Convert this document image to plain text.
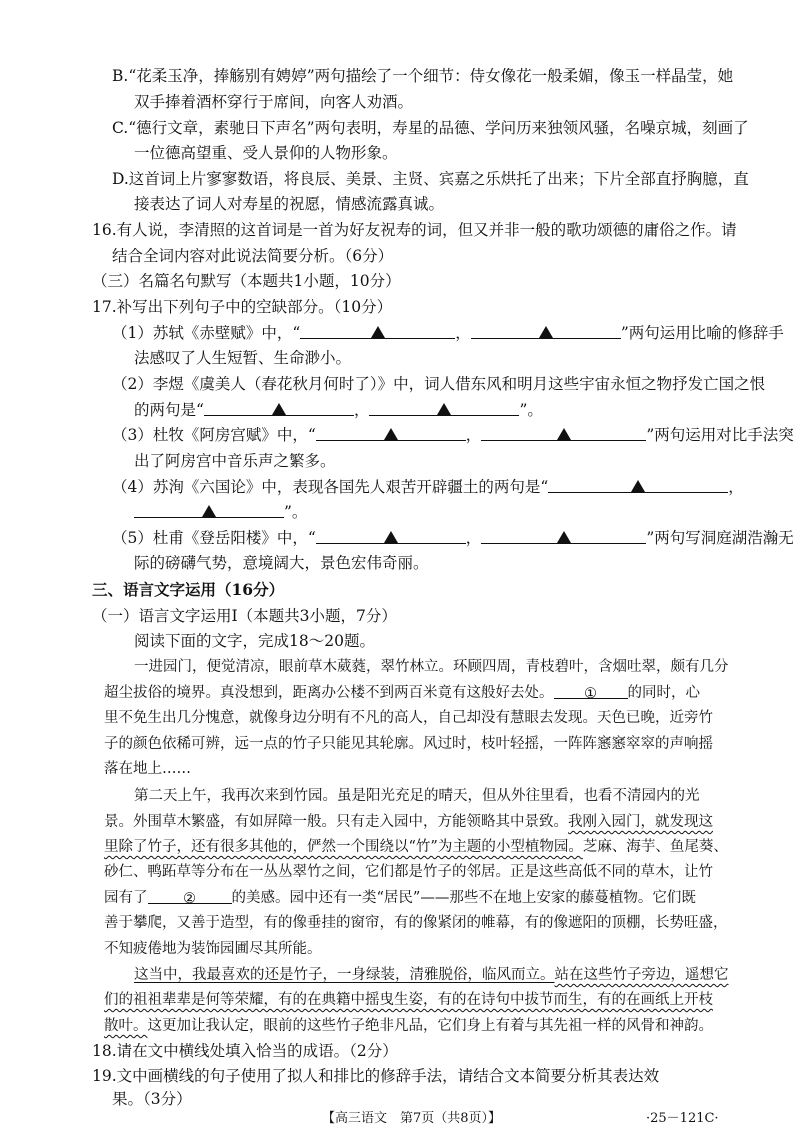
B.“花柔玉净，捧觞别有娉婷”两句描绘了一个细节：侍女像花一般柔媚，像玉一样晶莹，她
双手捧着酒杯穿行于席间，向客人劝酒。
C.“德行文章，素驰日下声名”两句表明，寿星的品德、学问历来独领风骚，名噪京城，刻画了
一位德高望重、受人景仰的人物形象。
D.这首词上片寥寥数语，将良辰、美景、主贤、宾嘉之乐烘托了出来；下片全部直抒胸臆，直
接表达了词人对寿星的祝愿，情感流露真诚。
16.有人说，李清照的这首词是一首为好友祝寿的词，但又并非一般的歌功颂德的庸俗之作。请
结合全词内容对此说法简要分析。（6分）
（三）名篇名句默写（本题共1小题，10分）
17.补写出下列句子中的空缺部分。（10分）
（1）苏轼《赤壁赋》中，“	，	”两句运用比喻的修辞手
法感叹了人生短暂、生命渺小。
（2）李煜《虞美人（春花秋月何时了）》中，词人借东风和明月这些宇宙永恒之物抒发亡国之恨
的两句是“	，	”。
（3）杜牧《阿房宫赋》中，“	，	”两句运用对比手法突
出了阿房宫中音乐声之繁多。
（4）苏洵《六国论》中，表现各国先人艰苦开辟疆土的两句是“	，
”。
（5）杜甫《登岳阳楼》中，“	，	”两句写洞庭湖浩瀚无
际的磅礴气势，意境阔大，景色宏伟奇丽。
三、语言文字运用（16分）
（一）语言文字运用Ⅰ（本题共3小题，7分）
阅读下面的文字，完成18～20题。
一进园门，便觉清凉，眼前草木葳蕤，翠竹林立。环顾四周，青枝碧叶，含烟吐翠，颇有几分
超尘拔俗的境界。真没想到，距离办公楼不到两百米竟有这般好去处。 ① 的同时，心
里不免生出几分愧意，就像身边分明有不凡的高人，自己却没有慧眼去发现。天色已晚，近旁竹
子的颜色依稀可辨，远一点的竹子只能见其轮廓。风过时，枝叶轻摇，一阵阵窸窸窣窣的声响摇
落在地上……
第二天上午，我再次来到竹园。虽是阳光充足的晴天，但从外往里看，也看不清园内的光
景。外围草木繁盛，有如屏障一般。只有走入园中，方能领略其中景致。我刚入园门，就发现这
里除了竹子，还有很多其他的，俨然一个围绕以“竹”为主题的小型植物园。芝麻、海芋、鱼尾葵、
砂仁、鸭跖草等分布在一丛丛翠竹之间，它们都是竹子的邻居。正是这些高低不同的草木，让竹
园有了 ② 的美感。园中还有一类“居民”——那些不在地上安家的藤蔓植物。它们既
善于攀爬，又善于造型，有的像垂挂的窗帘，有的像紧闭的帷幕，有的像遮阳的顶棚，长势旺盛，
不知疲倦地为装饰园圃尽其所能。
这当中，我最喜欢的还是竹子，一身绿装，清雅脱俗，临风而立。站在这些竹子旁边，遥想它
们的祖祖辈辈是何等荣耀，有的在典籍中摇曳生姿，有的在诗句中拔节而生，有的在画纸上开枝
散叶。这更加让我认定，眼前的这些竹子绝非凡品，它们身上有着与其先祖一样的风骨和神韵。
18.请在文中横线处填入恰当的成语。（2分）
19.文中画横线的句子使用了拟人和排比的修辞手法，请结合文本简要分析其表达效
果。（3分）
【高三语文　第7页（共8页）】	·25－121C·
